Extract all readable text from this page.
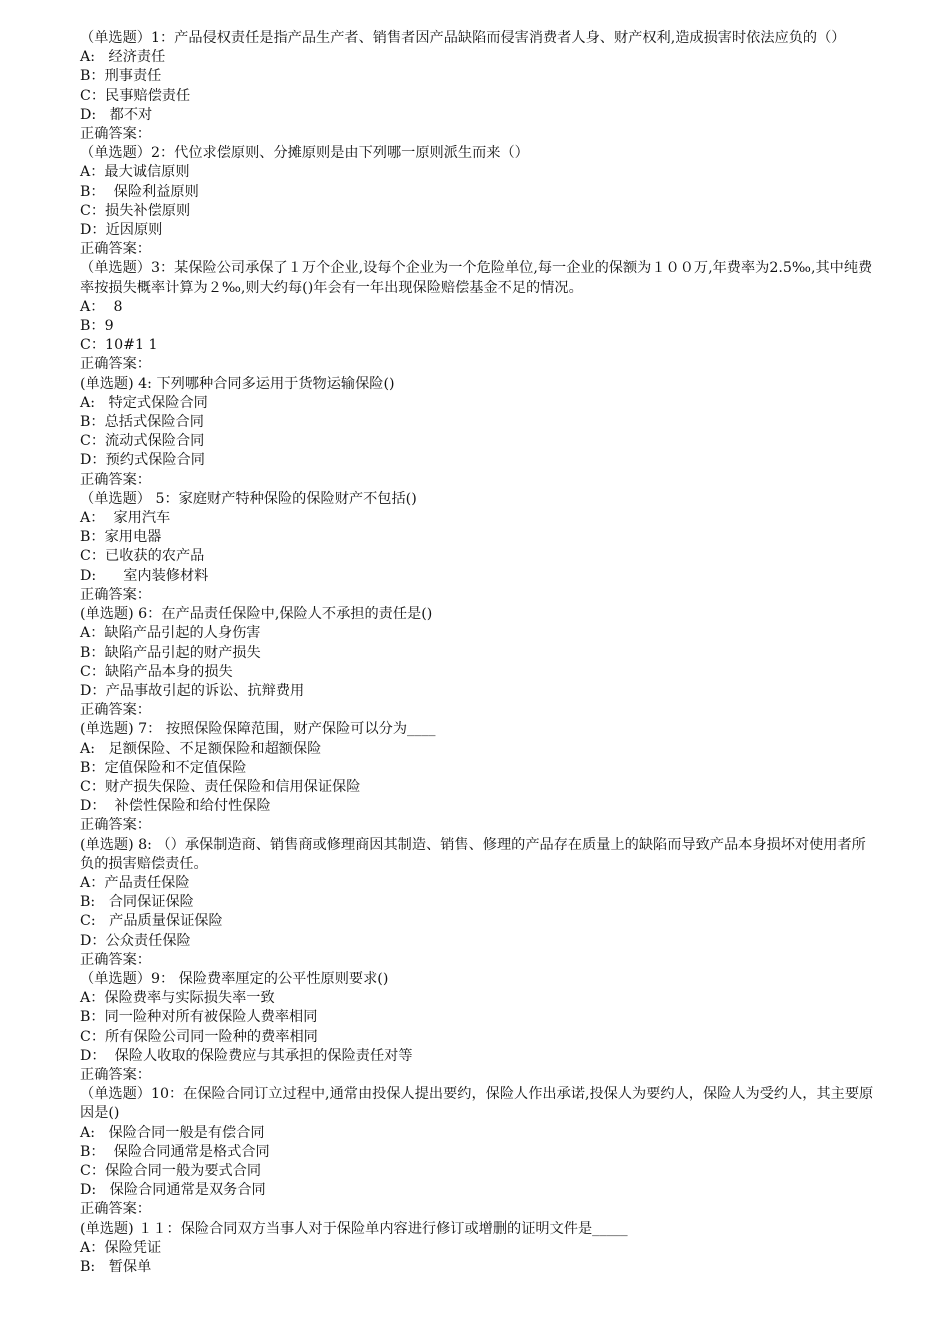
（单选题）1：产品侵权责任是指产品生产者、销售者因产品缺陷而侵害消费者人身、财产权利,造成损害时依法应负的（）

A:   经济责任

B：刑事责任

C：民事赔偿责任

D:   都不对

正确答案：

（单选题）2：代位求偿原则、分摊原则是由下列哪一原则派生而来（）

A：最大诚信原则

B：  保险利益原则

C：损失补偿原则

D：近因原则

正确答案：

（单选题）3：某保险公司承保了１万个企业,设每个企业为一个危险单位,每一企业的保额为１００万,年费率为2.5‰,其中纯费率按损失概率计算为２‰,则大约每()年会有一年出现保险赔偿基金不足的情况。

A：  8

B：9

C：10#1 1

正确答案：

(单选题) 4: 下列哪种合同多运用于货物运输保险()

A:   特定式保险合同

B：总括式保险合同

C：流动式保险合同

D：预约式保险合同

正确答案：

（单选题） 5：家庭财产特种保险的保险财产不包括()

A：  家用汽车

B：家用电器

C：已收获的农产品

D:      室内装修材料

正确答案：

(单选题) 6：在产品责任保险中,保险人不承担的责任是()

A：缺陷产品引起的人身伤害

B：缺陷产品引起的财产损失

C：缺陷产品本身的损失

D：产品事故引起的诉讼、抗辩费用

正确答案：

(单选题) 7： 按照保险保障范围，财产保险可以分为____

A:   足额保险、不足额保险和超额保险

B：定值保险和不定值保险

C：财产损失保险、责任保险和信用保证保险

D：  补偿性保险和给付性保险

正确答案：

(单选题) 8: （）承保制造商、销售商或修理商因其制造、销售、修理的产品存在质量上的缺陷而导致产品本身损坏对使用者所负的损害赔偿责任。

A：产品责任保险

B:   合同保证保险

C:   产品质量保证保险

D：公众责任保险

正确答案：

（单选题）9： 保险费率厘定的公平性原则要求()

A：保险费率与实际损失率一致

B：同一险种对所有被保险人费率相同

C：所有保险公司同一险种的费率相同

D：  保险人收取的保险费应与其承担的保险责任对等

正确答案：

（单选题）10：在保险合同订立过程中,通常由投保人提出要约，保险人作出承诺,投保人为要约人，保险人为受约人，其主要原因是()

A:   保险合同一般是有偿合同

B：  保险合同通常是格式合同

C：保险合同一般为要式合同

D:   保险合同通常是双务合同

正确答案：

(单选题) １１：保险合同双方当事人对于保险单内容进行修订或增删的证明文件是_____

A：保险凭证

B:   暂保单
